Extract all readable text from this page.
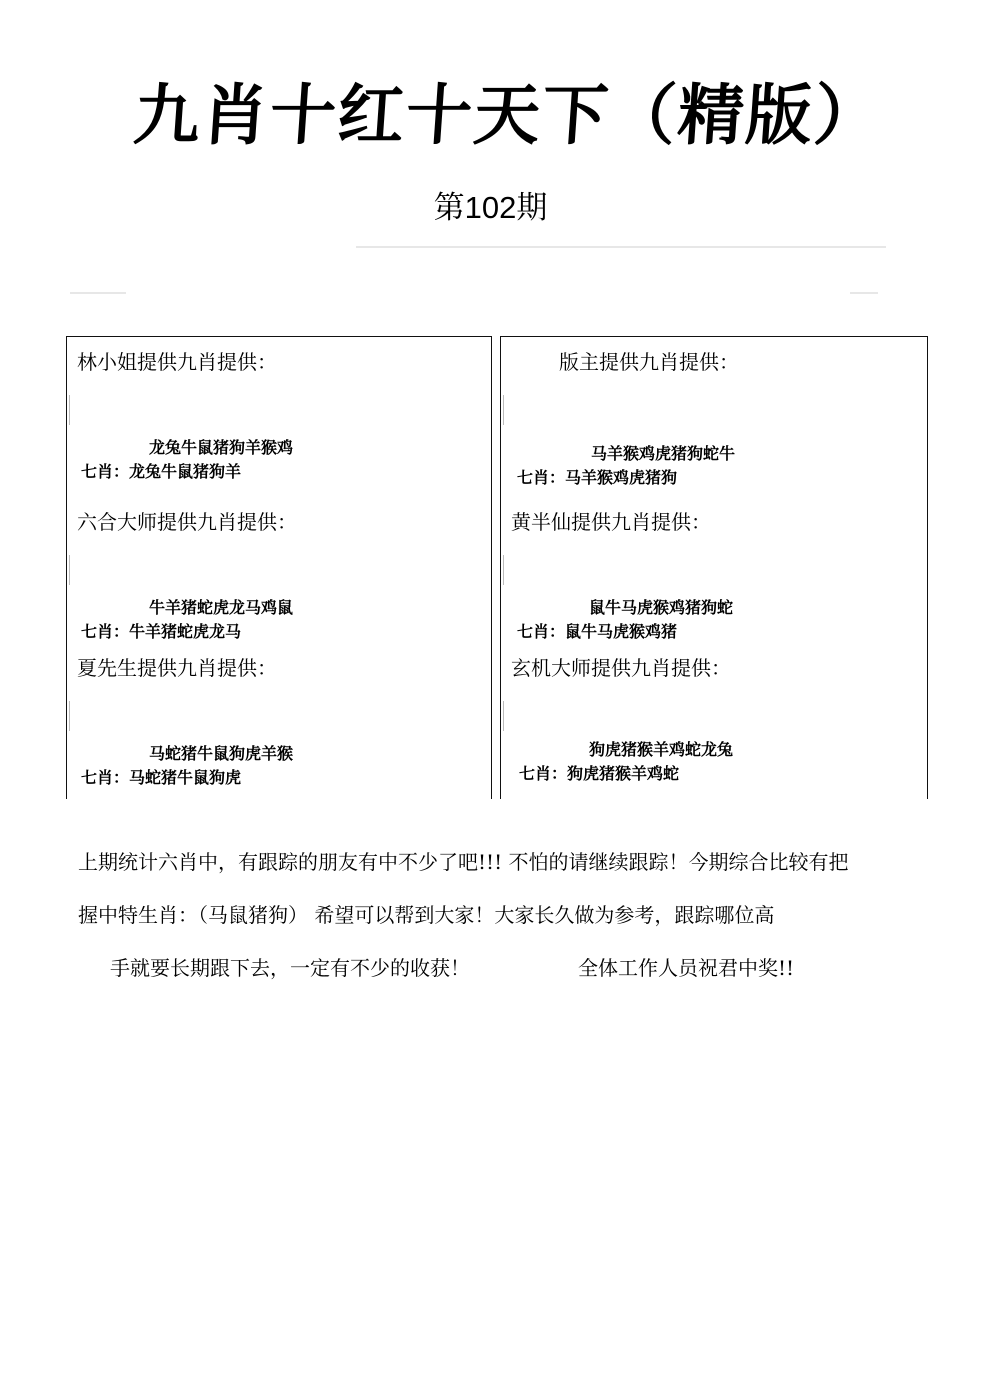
九肖十红十天下（精版）
第102期
林小姐提供九肖提供：
龙兔牛鼠猪狗羊猴鸡
七肖：龙兔牛鼠猪狗羊
六合大师提供九肖提供：
牛羊猪蛇虎龙马鸡鼠
七肖：牛羊猪蛇虎龙马
夏先生提供九肖提供：
马蛇猪牛鼠狗虎羊猴
七肖：马蛇猪牛鼠狗虎
版主提供九肖提供：
马羊猴鸡虎猪狗蛇牛
七肖：马羊猴鸡虎猪狗
黄半仙提供九肖提供：
鼠牛马虎猴鸡猪狗蛇
七肖：鼠牛马虎猴鸡猪
玄机大师提供九肖提供：
狗虎猪猴羊鸡蛇龙兔
七肖：狗虎猪猴羊鸡蛇
上期统计六肖中，有跟踪的朋友有中不少了吧!!! 不怕的请继续跟踪！今期综合比较有把
握中特生肖：（马鼠猪狗） 希望可以帮到大家！大家长久做为参考，跟踪哪位高
手就要长期跟下去，一定有不少的收获！	全体工作人员祝君中奖!!
